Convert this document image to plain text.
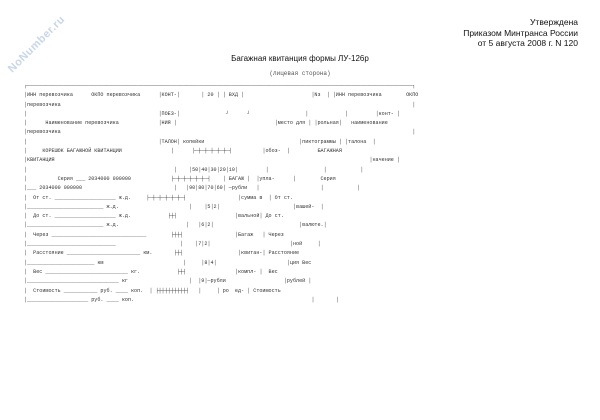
NoNumber.ru	Утверждена
Приказом Минтранса России
от 5 августа 2008 г. N 120
Багажная квитанция формы ЛУ-126р
(лицевая сторона)
┌──────────────────────────────────────────────────────────────────────────────────────────────────────────────────────────────┐
│ИНН перевозчика      ОКПО перевозчика      │КОНТ-│       │ 20 │ │ ВХД │                      │Nз  │ │ИНН перевозчика        ОКПО
│перевозчика                                                                                                                   │
│                                           │ПОЕЗ-│               ┘      ┘                  │            │         │конт- │
│      Наименование перевозчика             │НИЯ │                                │место для │ │рольная│   наименование
│перевозчика                                                                                                                   │
│                                           │ТАЛОН│ копейки                               │пиктограммы │ │талона  │
│     КОРЕШОК БАГАЖНОЙ КВИТАНЦИИ                │      ├─┼─┼─┼─┼─┼─┤          │обоз-  │         БАГАЖНАЯ
│КВИТАНЦИЯ                                                                                                       │начение │
│                                                │    │50│40│30│20│10│         │                  │           │
│          Серия ___ 2034000 000000             ├─┼─┼─┼─┼─┼─┤    │ БАГАЖ │  │упла-      │        Серия
│___ 2034000 000000                              │   │90│80│70│60│ ─рубли   │                    │           │
│  От ст. ____________________ ж.д.     ├─┼─┼─┼─┼─┼─┤                 │сумма в  │ От ст.
│_________________________ ж.д.                       │    │5│2│                        │вашей-  │
│  До ст. ____________________ ж.д.            ├┼┤                   │вальной│ До ст.
│_________________________ ж.д.                      │   │6│2│                            │валюте.│
│  Через _______________________________        ├┼┼┤                 │Багаж   │ Через
│_____________________________                     │    │7│2│                          │ной     │
│  Расстояние ________________________ км.       ├┼┤                  │квитан-│ Расстояние
│______________________ км                          │     │8│4│                       │ция Вес
│  Вес ___________________________ кг.            ├┼┤                │компл- │  Вес
│______________________________ кг                    │  │9│─рубли                   │рублей │
│  Стоимость ___________ руб. ____ коп.  │ ├┼┼┼┼┼┼┼┼┼┤   │     │ ро  ед- │ Стоимость
│____________________ руб. ____ коп.                                                          │       │
